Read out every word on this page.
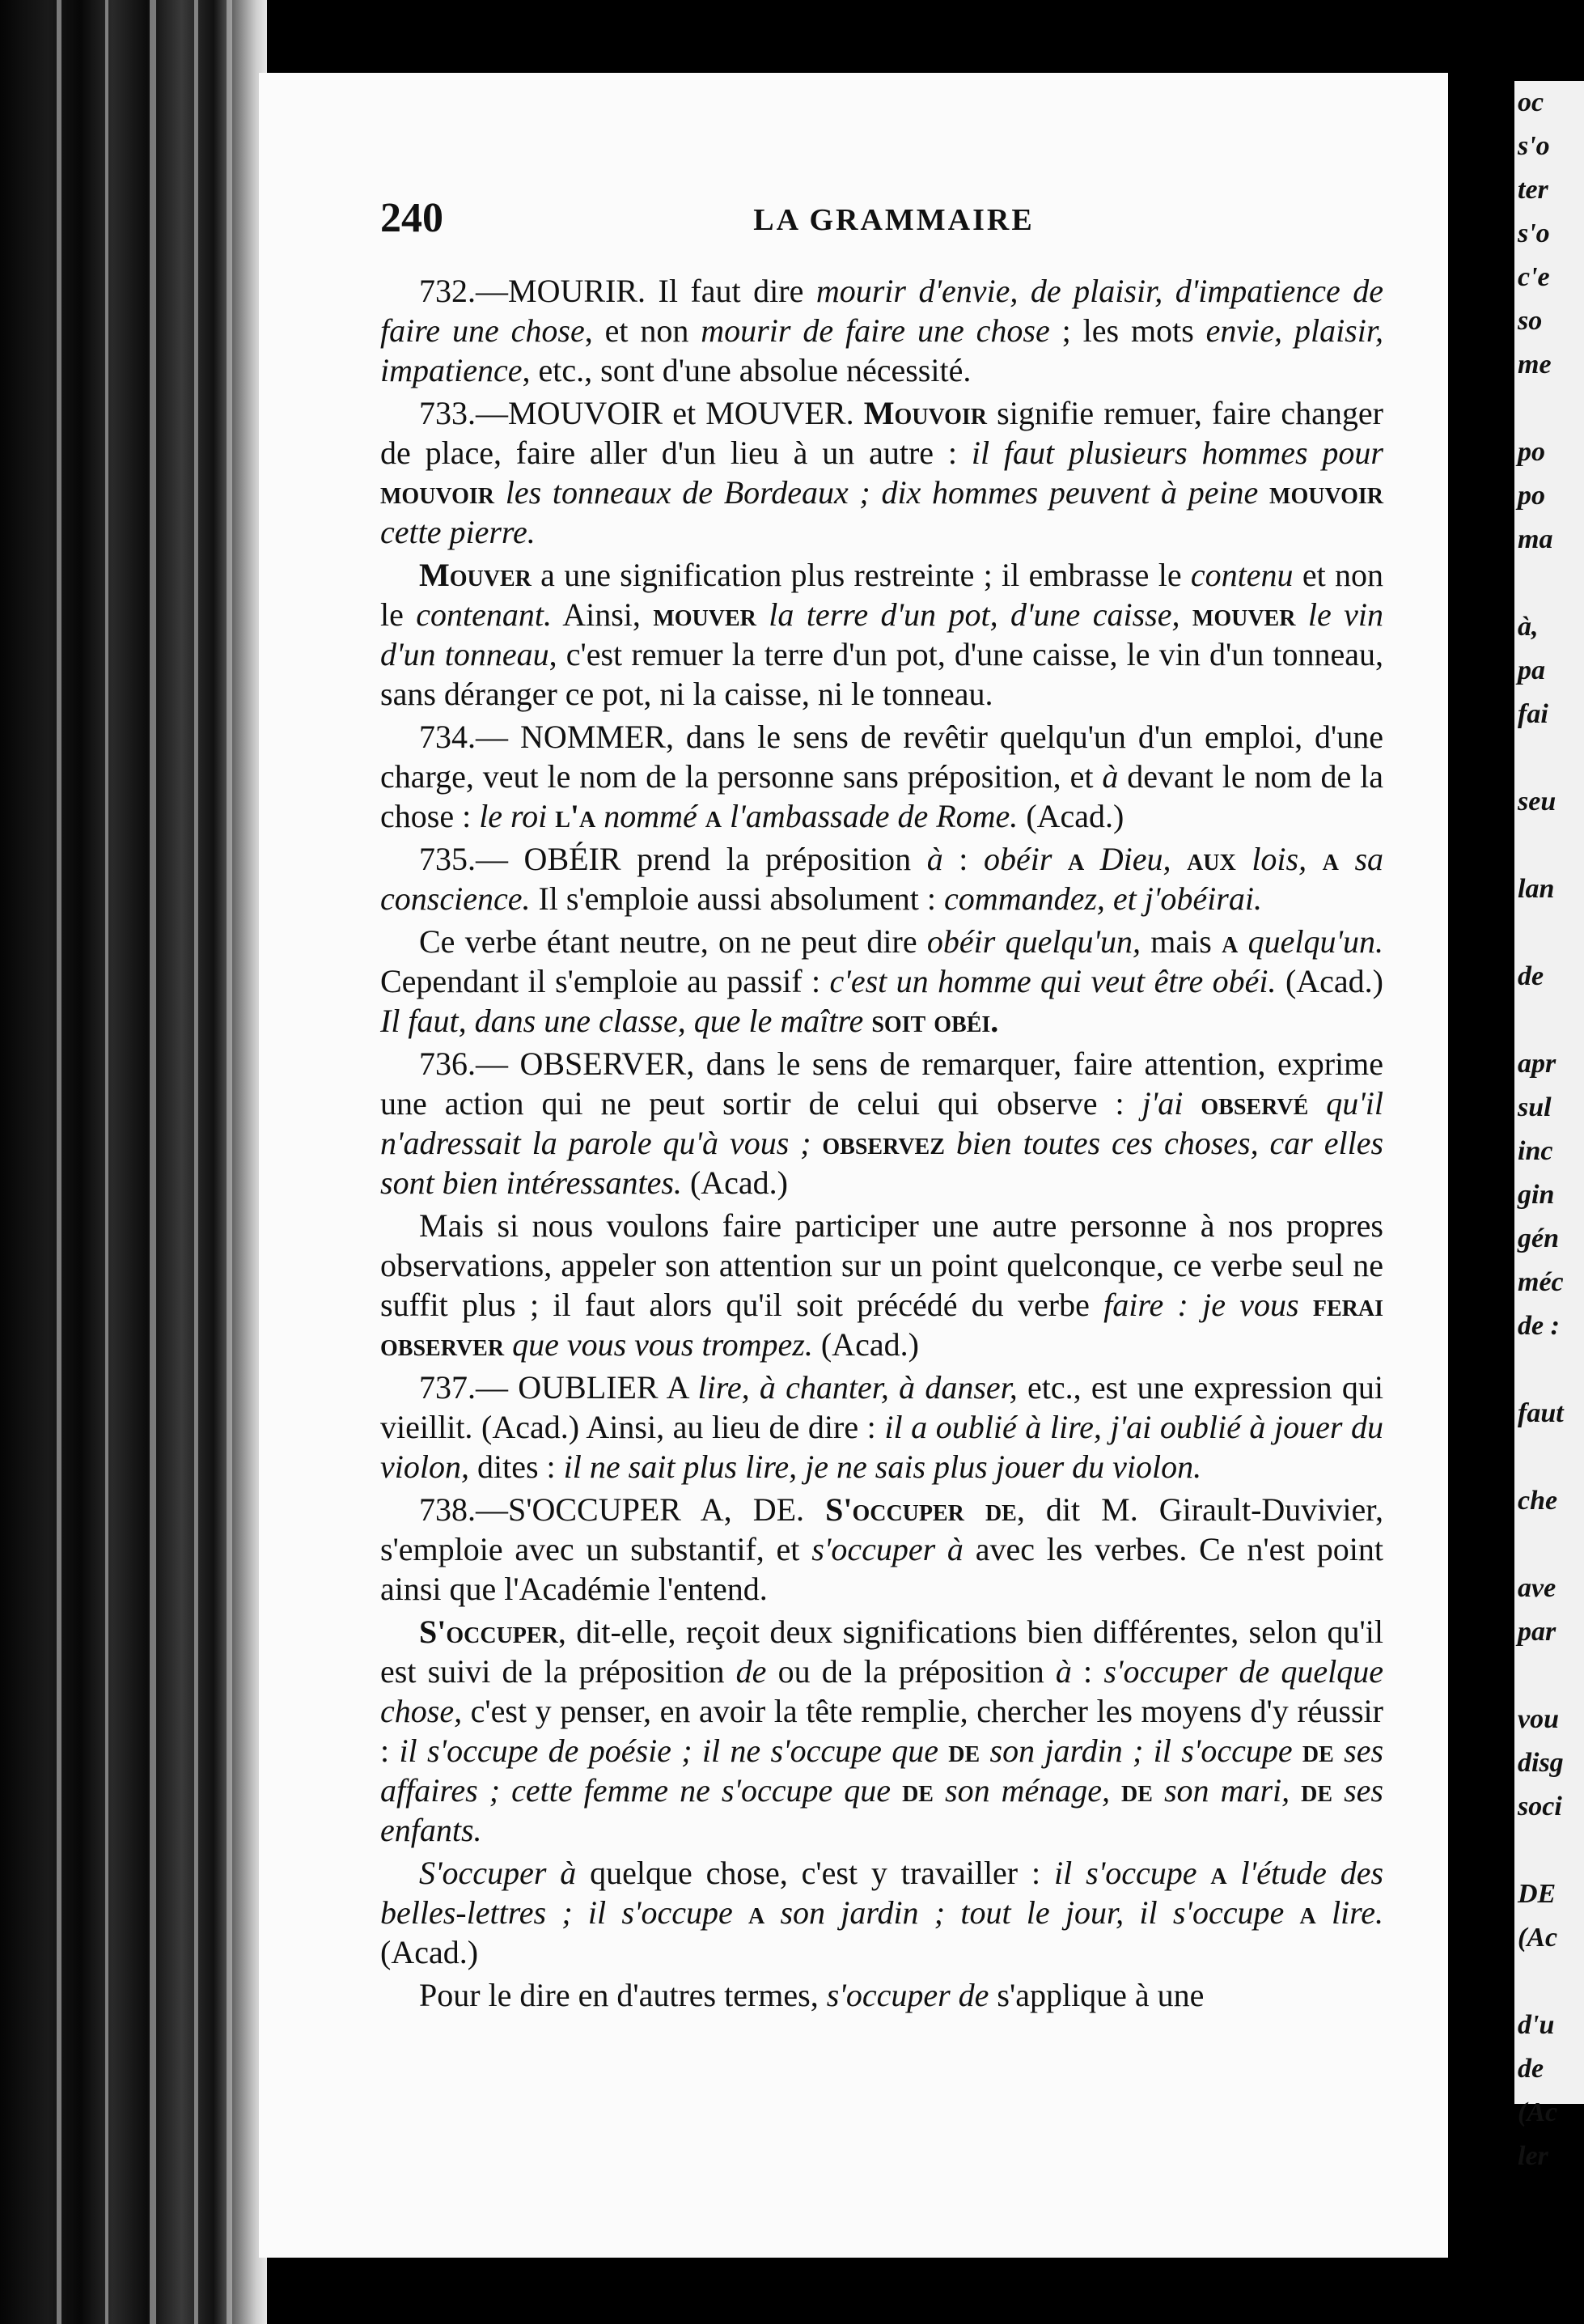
240	LA GRAMMAIRE

732.—MOURIR. Il faut dire mourir d'envie, de plaisir, d'impatience de faire une chose, et non mourir de faire une chose ; les mots envie, plaisir, impatience, etc., sont d'une absolue nécessité.

733.—MOUVOIR et MOUVER. Mouvoir signifie remuer, faire changer de place, faire aller d'un lieu à un autre : il faut plusieurs hommes pour mouvoir les tonneaux de Bordeaux ; dix hommes peuvent à peine mouvoir cette pierre.

Mouver a une signification plus restreinte ; il embrasse le contenu et non le contenant. Ainsi, mouver la terre d'un pot, d'une caisse, mouver le vin d'un tonneau, c'est remuer la terre d'un pot, d'une caisse, le vin d'un tonneau, sans déranger ce pot, ni la caisse, ni le tonneau.

734.— NOMMER, dans le sens de revêtir quelqu'un d'un emploi, d'une charge, veut le nom de la personne sans préposition, et à devant le nom de la chose : le roi l'a nommé a l'ambassade de Rome. (Acad.)

735.— OBÉIR prend la préposition à : obéir a Dieu, aux lois, a sa conscience. Il s'emploie aussi absolument : commandez, et j'obéirai.

Ce verbe étant neutre, on ne peut dire obéir quelqu'un, mais a quelqu'un. Cependant il s'emploie au passif : c'est un homme qui veut être obéi. (Acad.) Il faut, dans une classe, que le maître soit obéi.

736.— OBSERVER, dans le sens de remarquer, faire attention, exprime une action qui ne peut sortir de celui qui observe : j'ai observé qu'il n'adressait la parole qu'à vous ; observez bien toutes ces choses, car elles sont bien intéressantes. (Acad.)

Mais si nous voulons faire participer une autre personne à nos propres observations, appeler son attention sur un point quelconque, ce verbe seul ne suffit plus ; il faut alors qu'il soit précédé du verbe faire : je vous ferai observer que vous vous trompez. (Acad.)

737.— OUBLIER A lire, à chanter, à danser, etc., est une expression qui vieillit. (Acad.) Ainsi, au lieu de dire : il a oublié à lire, j'ai oublié à jouer du violon, dites : il ne sait plus lire, je ne sais plus jouer du violon.

738.—S'OCCUPER A, DE. S'occuper de, dit M. Girault-Duvivier, s'emploie avec un substantif, et s'occuper à avec les verbes. Ce n'est point ainsi que l'Académie l'entend.

S'occuper, dit-elle, reçoit deux significations bien différentes, selon qu'il est suivi de la préposition de ou de la préposition à : s'occuper de quelque chose, c'est y penser, en avoir la tête remplie, chercher les moyens d'y réussir : il s'occupe de poésie ; il ne s'occupe que de son jardin ; il s'occupe de ses affaires ; cette femme ne s'occupe que de son ménage, de son mari, de ses enfants.

S'occuper à quelque chose, c'est y travailler : il s'occupe a l'étude des belles-lettres ; il s'occupe a son jardin ; tout le jour, il s'occupe a lire. (Acad.)

Pour le dire en d'autres termes, s'occuper de s'applique à une

oc
s'o
ter
s'o
c'e
so
me
po
po
ma
à,
pa
fai
seu
lan
de
apr
sul
inc
gin
gén
méc
de :
faut
che
ave
par
vou
disg
soci
DE
(Ac
d'u
de
(Ac
ler
